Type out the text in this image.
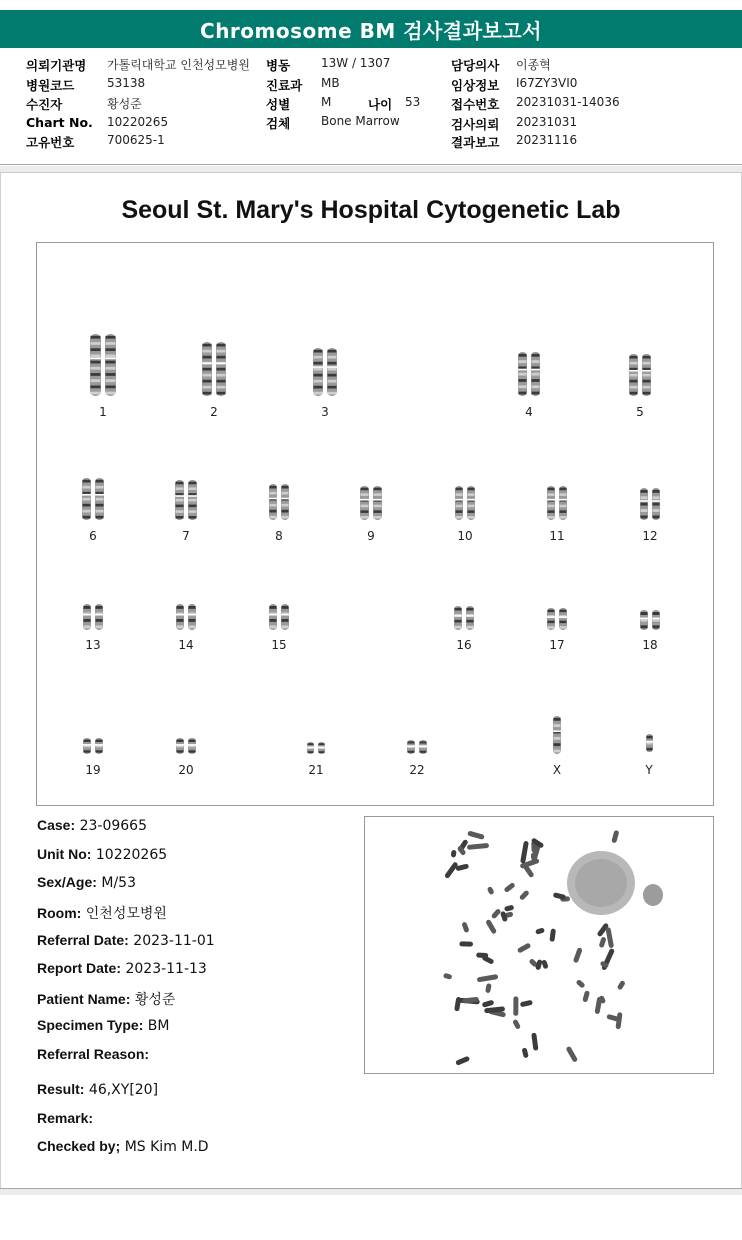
Chromosome BM 검사결과보고서
의뢰기관명 가톨릭대학교 인천성모병원
병원코드	53138
수진자	황성준
Chart No. 10220265
고유번호	700625-1
병동	13W / 1307
진료과 MB
성별	M	나이 53
검체	Bone Marrow
담당의사 이종혁
임상정보 I67ZY3VI0
접수번호 20231031-14036
검사의뢰 20231031
결과보고 20231116
Seoul St. Mary's Hospital Cytogenetic Lab
1	2	3	4	5
6	7	8	9	10	11	12
13	14	15	16	17	18
19	20	21	22	X	Y
Case: 23-09665
Unit No: 10220265
Sex/Age: M/53
Room: 인천성모병원
Referral Date: 2023-11-01
Report Date: 2023-11-13
Patient Name: 황성준
Specimen Type: BM
Referral Reason:
Result: 46,XY[20]
Remark:
Checked by; MS Kim M.D
